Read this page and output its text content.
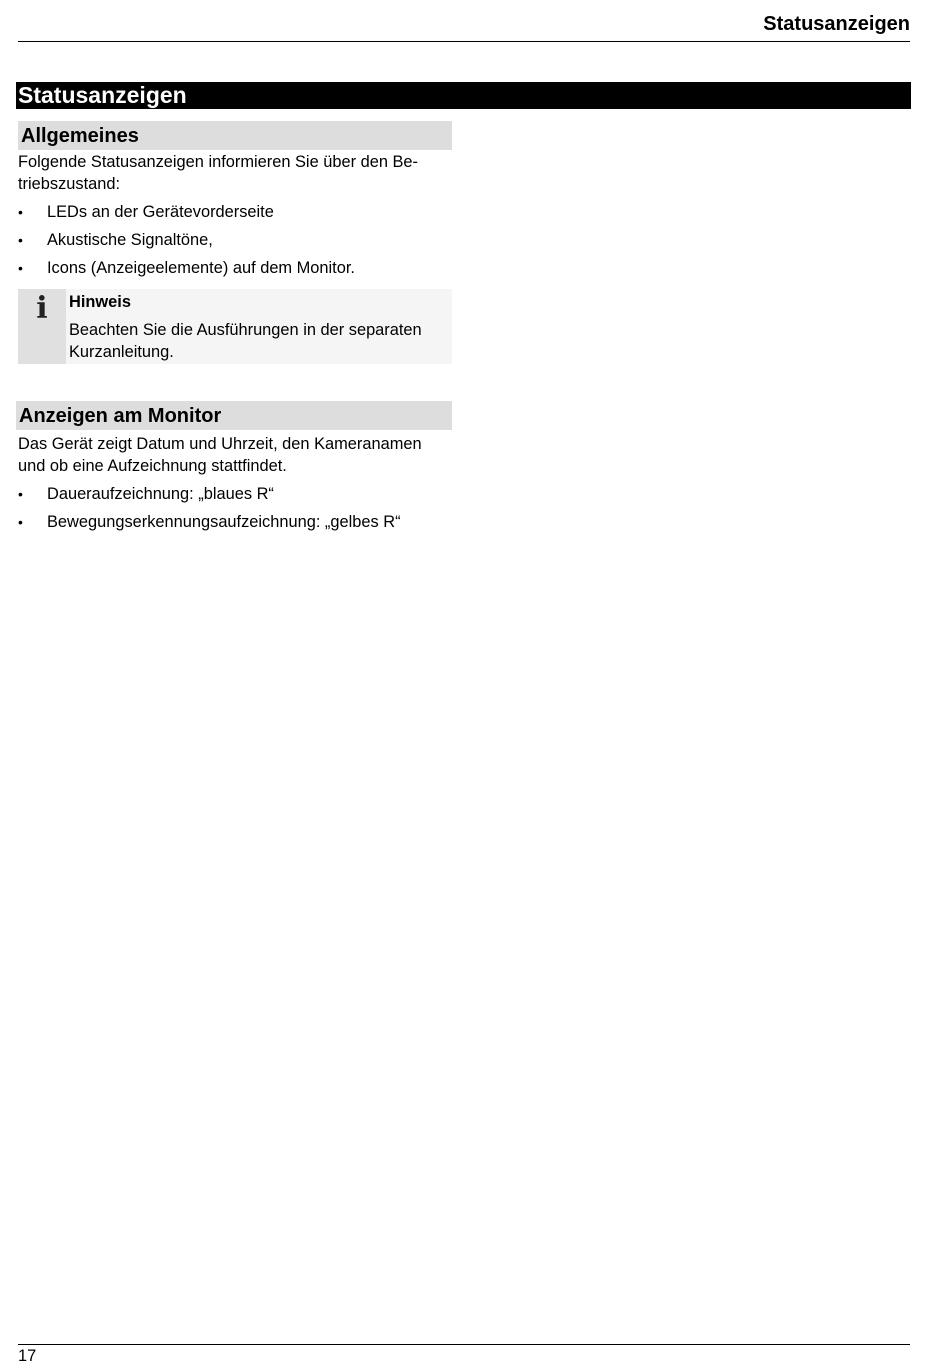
Statusanzeigen
Statusanzeigen
Allgemeines

Folgende Statusanzeigen informieren Sie über den Be-
triebszustand:

• LEDs an der Gerätevorderseite
• Akustische Signaltöne,
• Icons (Anzeigeelemente) auf dem Monitor.
i Hinweis
Beachten Sie die Ausführungen in der separaten
Kurzanleitung.
Anzeigen am Monitor

Das Gerät zeigt Datum und Uhrzeit, den Kameranamen
und ob eine Aufzeichnung stattfindet.

• Daueraufzeichnung: „blaues R“
• Bewegungserkennungsaufzeichnung: „gelbes R“
17
